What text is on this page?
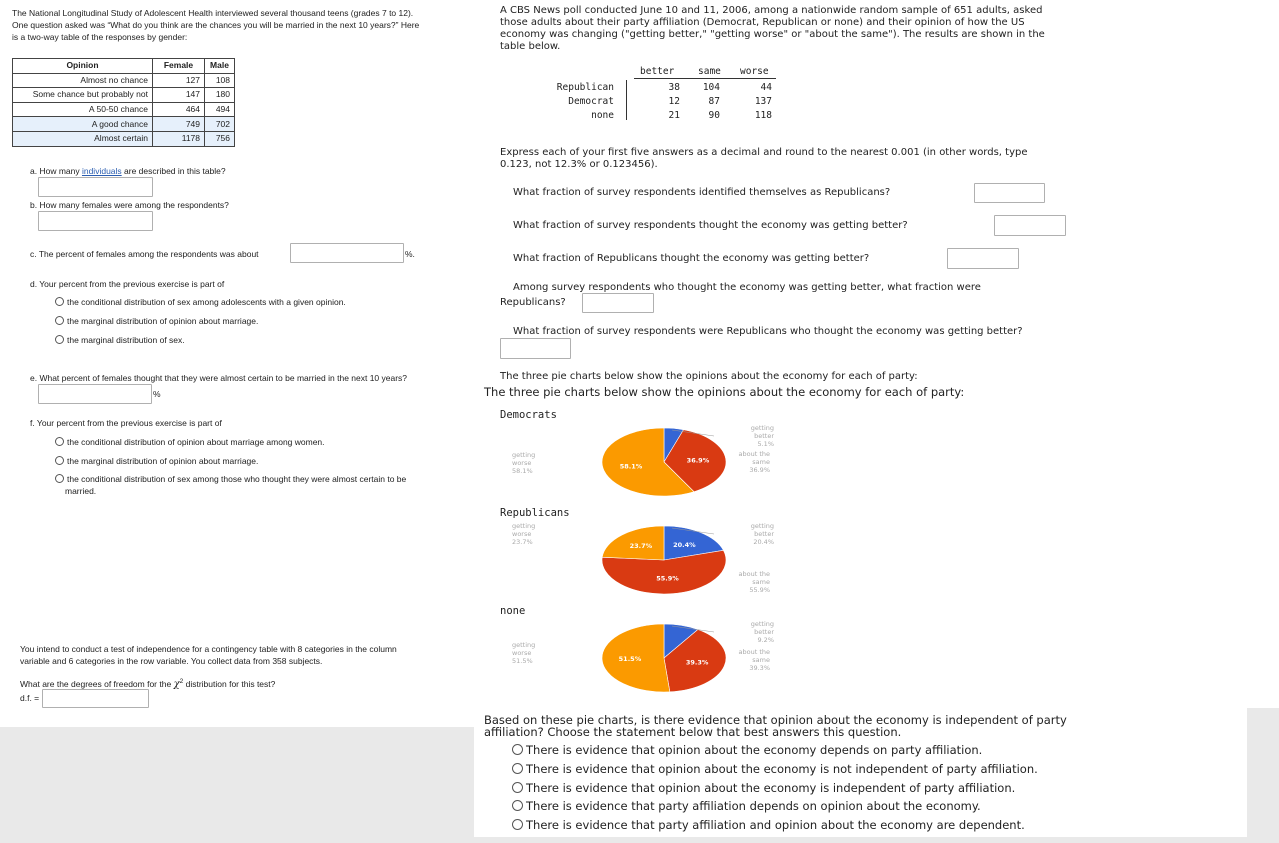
The National Longitudinal Study of Adolescent Health interviewed several thousand teens (grades 7 to 12).
One question asked was “What do you think are the chances you will be married in the next 10 years?” Here
is a two-way table of the responses by gender:
Opinion	Female	Male
Almost no chance	127	108
Some chance but probably not	147	180
A 50-50 chance	464	494
A good chance	749	702
Almost certain	1178	756
a. How many individuals are described in this table?
b. How many females were among the respondents?
c. The percent of females among the respondents was about	%.
d. Your percent from the previous exercise is part of
the conditional distribution of sex among adolescents with a given opinion.
the marginal distribution of opinion about marriage.
the marginal distribution of sex.
e. What percent of females thought that they were almost certain to be married in the next 10 years?
%
f. Your percent from the previous exercise is part of
the conditional distribution of opinion about marriage among women.
the marginal distribution of opinion about marriage.
the conditional distribution of sex among those who thought they were almost certain to be
married.
You intend to conduct a test of independence for a contingency table with 8 categories in the column
variable and 6 categories in the row variable. You collect data from 358 subjects.
What are the degrees of freedom for the $\chi^2$ distribution for this test?
d.f. =
A CBS News poll conducted June 10 and 11, 2006, among a nationwide random sample of 651 adults, asked
those adults about their party affiliation (Democrat, Republican or none) and their opinion of how the US
economy was changing ("getting better," "getting worse" or "about the same"). The results are shown in the
table below.
better same worse
Republican	38	104	44
Democrat	12	87	137
none	21	90	118
Express each of your first five answers as a decimal and round to the nearest 0.001 (in other words, type
0.123, not 12.3% or 0.123456).
What fraction of survey respondents identified themselves as Republicans?
What fraction of survey respondents thought the economy was getting better?
What fraction of Republicans thought the economy was getting better?
Among survey respondents who thought the economy was getting better, what fraction were
Republicans?
What fraction of survey respondents were Republicans who thought the economy was getting better?
The three pie charts below show the opinions about the economy for each of party:
The three pie charts below show the opinions about the economy for each of party:
Democrats
36.9%
58.1%
getting
worse
58.1%
getting
better
5.1%
about the
same
36.9%
Republicans
20.4%
55.9%
23.7%
getting
worse
23.7%
getting
better
20.4%
about the
same
55.9%
none
39.3%
51.5%
getting
worse
51.5%
getting
better
9.2%
about the
same
39.3%
Based on these pie charts, is there evidence that opinion about the economy is independent of party
affiliation? Choose the statement below that best answers this question.
There is evidence that opinion about the economy depends on party affiliation.
There is evidence that opinion about the economy is not independent of party affiliation.
There is evidence that opinion about the economy is independent of party affiliation.
There is evidence that party affiliation depends on opinion about the economy.
There is evidence that party affiliation and opinion about the economy are dependent.
